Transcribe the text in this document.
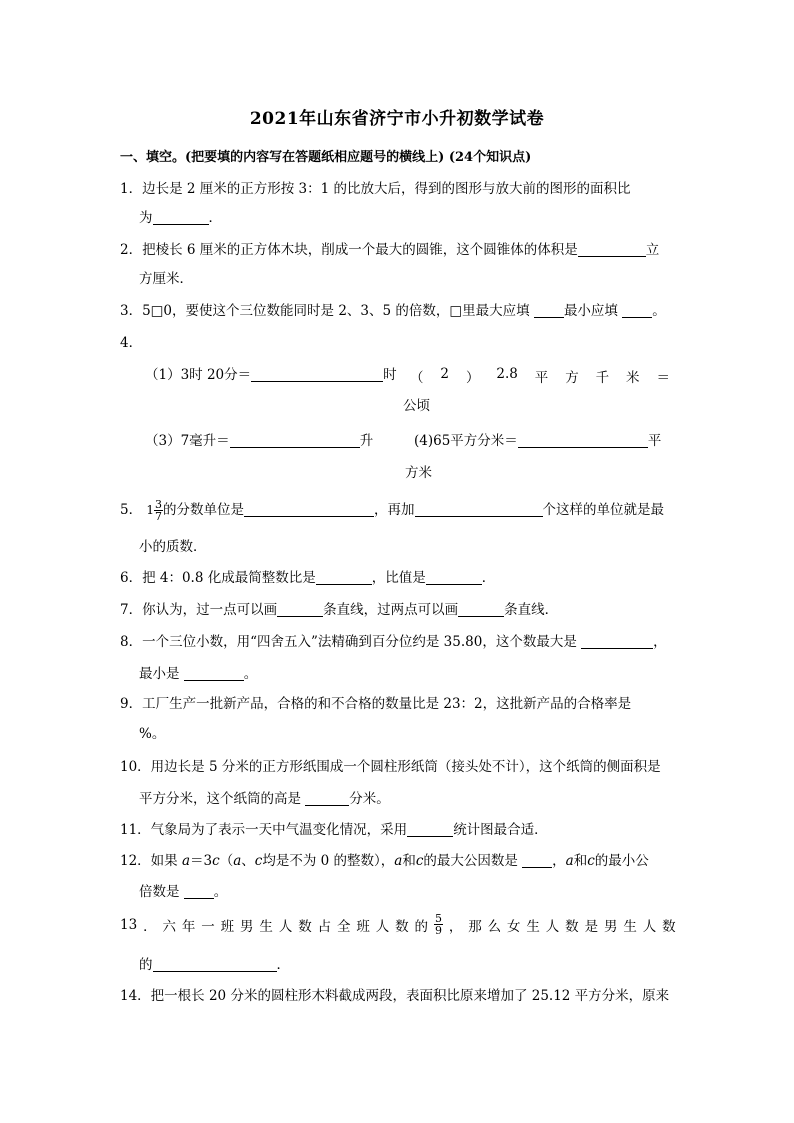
2021年山东省济宁市小升初数学试卷
一、填空。(把要填的内容写在答题纸相应题号的横线上) (24个知识点)
1．边长是 2 厘米的正方形按 3：1 的比放大后，得到的图形与放大前的图形的面积比
为	．
2．把棱长 6 厘米的正方体木块，削成一个最大的圆锥，这个圆锥体的体积是	立
方厘米．
3．5□0，要使这个三位数能同时是 2、3、5 的倍数，□里最大应填	最小应填	。
4．
（1）3时 20分＝	时 （ 2 ） 2.8 平 方 千 米 ＝
公顷
（3）7毫升＝	升	(4)65平方分米＝	平
方米
5． $1 \frac{3}{7}$ 的分数单位是	，再加	个这样的单位就是最
小的质数．
6．把 4：0.8 化成最简整数比是	，比值是	．
7．你认为，过一点可以画	条直线，过两点可以画	条直线．
8．一个三位小数，用“四舍五入”法精确到百分位约是 35.80，这个数最大是	，
最小是	。
9．工厂生产一批新产品，合格的和不合格的数量比是 23：2，这批新产品的合格率是
%。
10．用边长是 5 分米的正方形纸围成一个圆柱形纸筒（接头处不计），这个纸筒的侧面积是
平方分米，这个纸筒的高是	分米。
11．气象局为了表示一天中气温变化情况，采用	统计图最合适．
12．如果 a＝3c（a、c均是不为 0 的整数），a和c的最大公因数是	，a和c的最小公
倍数是	。
13 ． 六 年 一 班 男 生 人 数 占 全 班 人 数 的 $\frac{5}{9}$ ， 那 么 女 生 人 数 是 男 生 人 数
的	．
14．把一根长 20 分米的圆柱形木料截成两段，表面积比原来增加了 25.12 平方分米，原来
